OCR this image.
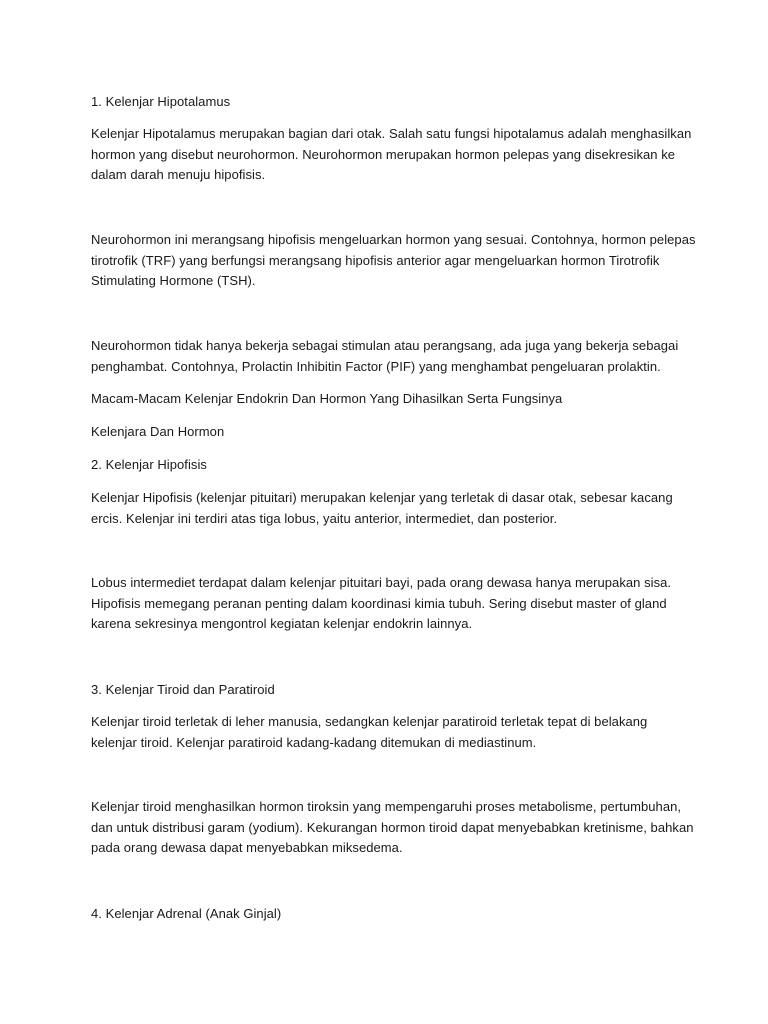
1. Kelenjar Hipotalamus
Kelenjar Hipotalamus merupakan bagian dari otak. Salah satu fungsi hipotalamus adalah menghasilkan
hormon yang disebut neurohormon. Neurohormon merupakan hormon pelepas yang disekresikan ke
dalam darah menuju hipofisis.
Neurohormon ini merangsang hipofisis mengeluarkan hormon yang sesuai. Contohnya, hormon pelepas
tirotrofik (TRF) yang berfungsi merangsang hipofisis anterior agar mengeluarkan hormon Tirotrofik
Stimulating Hormone (TSH).
Neurohormon tidak hanya bekerja sebagai stimulan atau perangsang, ada juga yang bekerja sebagai
penghambat. Contohnya, Prolactin Inhibitin Factor (PIF) yang menghambat pengeluaran prolaktin.
Macam-Macam Kelenjar Endokrin Dan Hormon Yang Dihasilkan Serta Fungsinya
Kelenjara Dan Hormon
2. Kelenjar Hipofisis
Kelenjar Hipofisis (kelenjar pituitari) merupakan kelenjar yang terletak di dasar otak, sebesar kacang
ercis. Kelenjar ini terdiri atas tiga lobus, yaitu anterior, intermediet, dan posterior.
Lobus intermediet terdapat dalam kelenjar pituitari bayi, pada orang dewasa hanya merupakan sisa.
Hipofisis memegang peranan penting dalam koordinasi kimia tubuh. Sering disebut master of gland
karena sekresinya mengontrol kegiatan kelenjar endokrin lainnya.
3. Kelenjar Tiroid dan Paratiroid
Kelenjar tiroid terletak di leher manusia, sedangkan kelenjar paratiroid terletak tepat di belakang
kelenjar tiroid. Kelenjar paratiroid kadang-kadang ditemukan di mediastinum.
Kelenjar tiroid menghasilkan hormon tiroksin yang mempengaruhi proses metabolisme, pertumbuhan,
dan untuk distribusi garam (yodium). Kekurangan hormon tiroid dapat menyebabkan kretinisme, bahkan
pada orang dewasa dapat menyebabkan miksedema.
4. Kelenjar Adrenal (Anak Ginjal)
